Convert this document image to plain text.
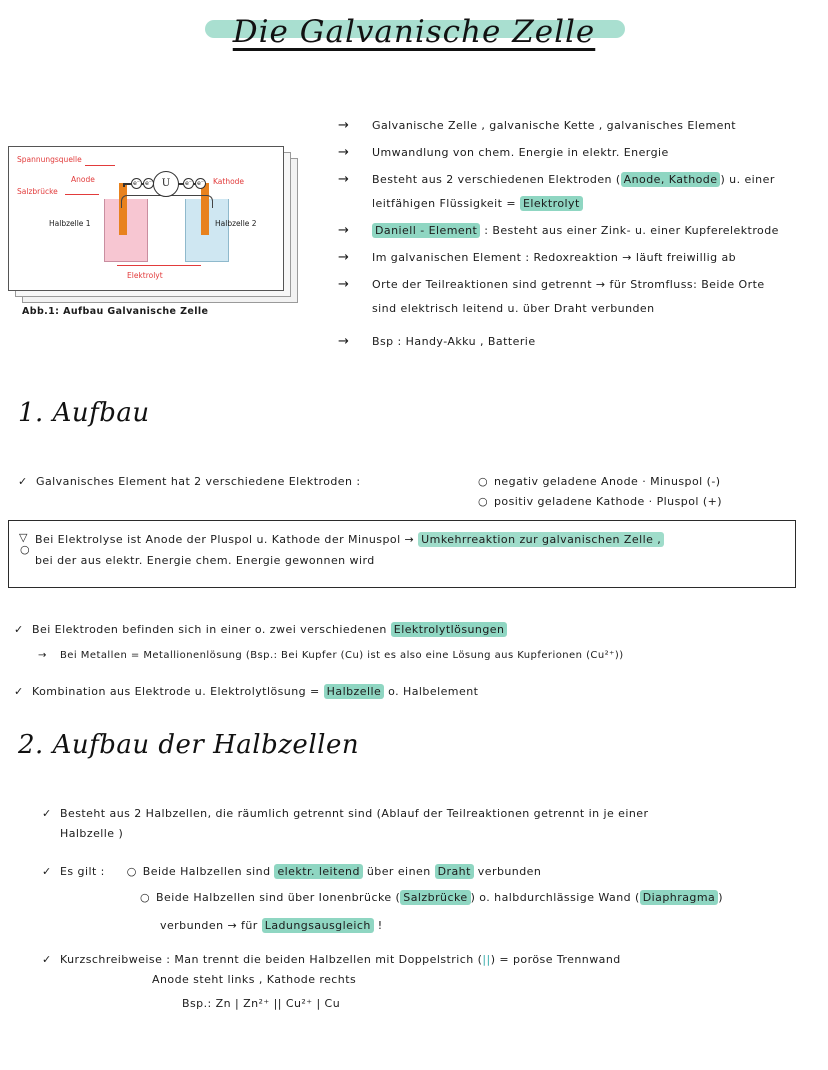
Die Galvanische Zelle
U
e⁻ e⁻	e⁻ e⁻
Spannungsquelle
Salzbrücke
Anode	Kathode
Halbzelle 1	Halbzelle 2
Elektrolyt
Abb.1: Aufbau Galvanische Zelle
→ Galvanische Zelle , galvanische Kette , galvanisches Element
→ Umwandlung von chem. Energie in elektr. Energie
→ Besteht aus 2 verschiedenen Elektroden ( Anode, Kathode ) u. einer
leitfähigen Flüssigkeit = Elektrolyt
→ Daniell - Element : Besteht aus einer Zink- u. einer Kupferelektrode
→ Im galvanischen Element : Redoxreaktion → läuft freiwillig ab
→ Orte der Teilreaktionen sind getrennt → für Stromfluss: Beide Orte
sind elektrisch leitend u. über Draht verbunden
→ Bsp : Handy-Akku , Batterie
1. Aufbau
✓ Galvanisches Element hat 2 verschiedene Elektroden :	○ negativ geladene Anode · Minuspol (-)
○ positiv geladene Kathode · Pluspol (+)
▽
○
Bei Elektrolyse ist Anode der Pluspol u. Kathode der Minuspol → Umkehrreaktion zur galvanischen Zelle ,
bei der aus elektr. Energie chem. Energie gewonnen wird
✓ Bei Elektroden befinden sich in einer o. zwei verschiedenen Elektrolytlösungen
→ Bei Metallen = Metallionenlösung (Bsp.: Bei Kupfer (Cu) ist es also eine Lösung aus Kupferionen (Cu²⁺))
✓ Kombination aus Elektrode u. Elektrolytlösung = Halbzelle o. Halbelement
2. Aufbau der Halbzellen
✓ Besteht aus 2 Halbzellen, die räumlich getrennt sind (Ablauf der Teilreaktionen getrennt in je einer
Halbzelle )
✓ Es gilt : ○ Beide Halbzellen sind elektr. leitend über einen Draht verbunden
○ Beide Halbzellen sind über Ionenbrücke ( Salzbrücke ) o. halbdurchlässige Wand ( Diaphragma )
verbunden → für Ladungsausgleich !
✓ Kurzschreibweise : Man trennt die beiden Halbzellen mit Doppelstrich (||) = poröse Trennwand
Anode steht links , Kathode rechts
Bsp.: Zn | Zn²⁺ || Cu²⁺ | Cu
